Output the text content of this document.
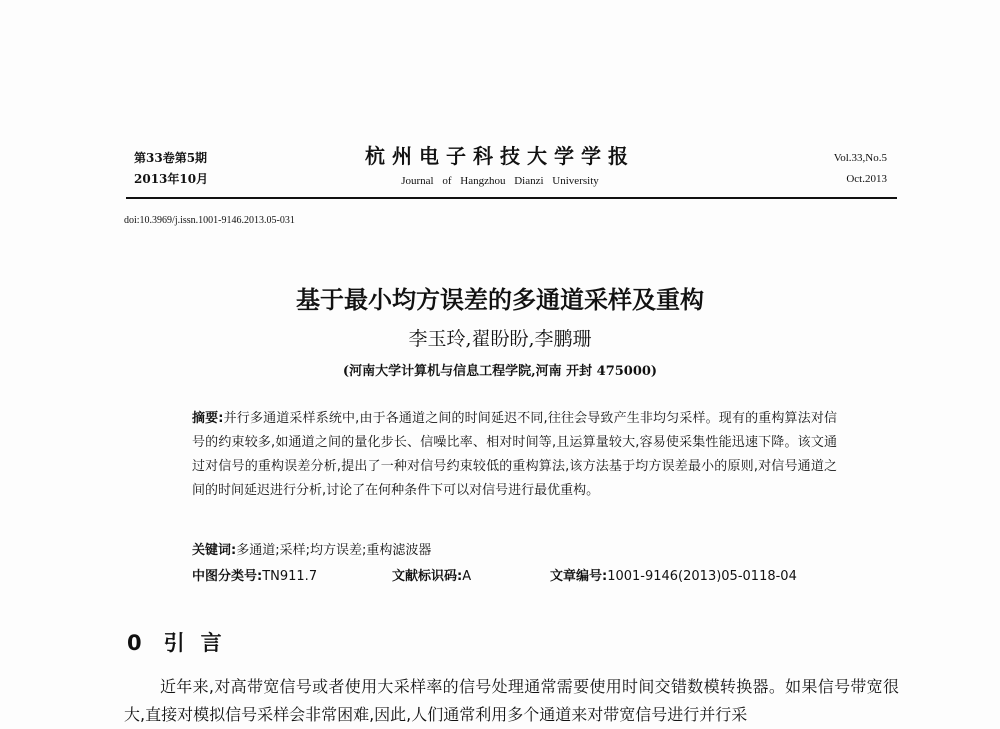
第33卷第5期
2013年10月
杭州电子科技大学学报
Journal of Hangzhou Dianzi University
Vol.33,No.5
Oct.2013
doi:10.3969/j.issn.1001-9146.2013.05-031
基于最小均方误差的多通道采样及重构
李玉玲,翟盼盼,李鹏珊
(河南大学计算机与信息工程学院,河南 开封 475000)
摘要:并行多通道采样系统中,由于各通道之间的时间延迟不同,往往会导致产生非均匀采样。现有的重构算法对信号的约束较多,如通道之间的量化步长、信噪比率、相对时间等,且运算量较大,容易使采集性能迅速下降。该文通过对信号的重构误差分析,提出了一种对信号约束较低的重构算法,该方法基于均方误差最小的原则,对信号通道之间的时间延迟进行分析,讨论了在何种条件下可以对信号进行最优重构。
关键词:多通道;采样;均方误差;重构滤波器
中图分类号:TN911.7	文献标识码:A	文章编号:1001-9146(2013)05-0118-04
0 引言
近年来,对高带宽信号或者使用大采样率的信号处理通常需要使用时间交错数模转换器。如果信号带宽很大,直接对模拟信号采样会非常困难,因此,人们通常利用多个通道来对带宽信号进行并行采
